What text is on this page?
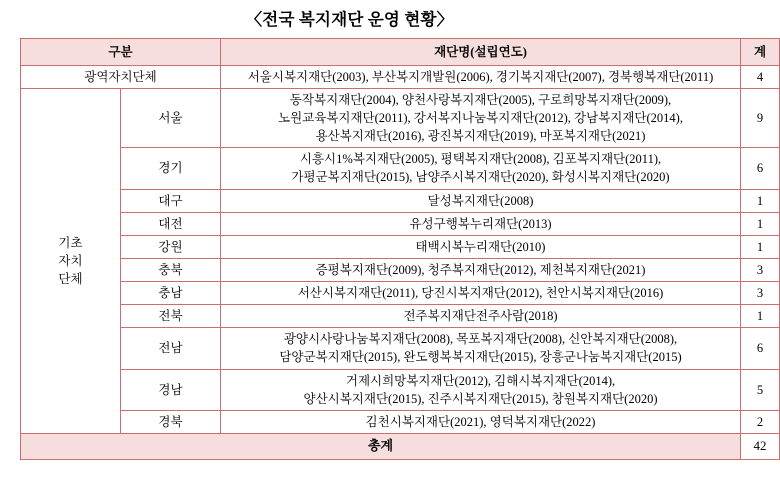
〈전국 복지재단 운영 현황〉
구분		재단명(설립연도)	계
광역자치단체		서울시복지재단(2003), 부산복지개발원(2006), 경기복지재단(2007), 경북행복재단(2011)	4
기초
자치
단체	서울	동작복지재단(2004), 양천사랑복지재단(2005), 구로희망복지재단(2009),
노원교육복지재단(2011), 강서복지나눔복지재단(2012), 강남복지재단(2014),
용산복지재단(2016), 광진복지재단(2019), 마포복지재단(2021)	9
	경기	시흥시1%복지재단(2005), 평택복지재단(2008), 김포복지재단(2011),
가평군복지재단(2015), 남양주시복지재단(2020), 화성시복지재단(2020)	6
	대구	달성복지재단(2008)	1
	대전	유성구행복누리재단(2013)	1
	강원	태백시복누리재단(2010)	1
	충북	증평복지재단(2009), 청주복지재단(2012), 제천복지재단(2021)	3
	충남	서산시복지재단(2011), 당진시복지재단(2012), 천안시복지재단(2016)	3
	전북	전주복지재단전주사람(2018)	1
	전남	광양시사랑나눔복지재단(2008), 목포복지재단(2008), 신안복지재단(2008),
담양군복지재단(2015), 완도행복복지재단(2015), 장흥군나눔복지재단(2015)	6
	경남	거제시희망복지재단(2012), 김해시복지재단(2014),
양산시복지재단(2015), 진주시복지재단(2015), 창원복지재단(2020)	5
	경북	김천시복지재단(2021), 영덕복지재단(2022)	2
총계			42
